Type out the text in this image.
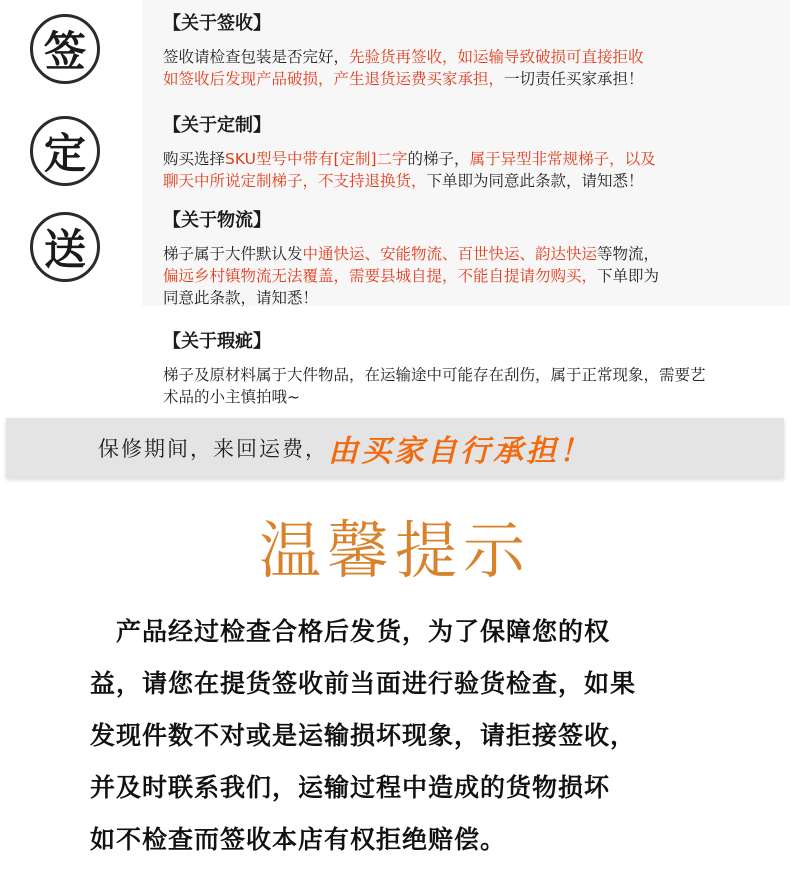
签
定
送
【关于签收】
签收请检查包装是否完好，先验货再签收，如运输导致破损可直接拒收
如签收后发现产品破损，产生退货运费买家承担，一切责任买家承担！
【关于定制】
购买选择SKU型号中带有[定制]二字的梯子，属于异型非常规梯子，以及
聊天中所说定制梯子，不支持退换货，下单即为同意此条款，请知悉！
【关于物流】
梯子属于大件默认发中通快运、安能物流、百世快运、韵达快运等物流，
偏远乡村镇物流无法覆盖，需要县城自提，不能自提请勿购买，下单即为
同意此条款，请知悉！
【关于瑕疵】
梯子及原材料属于大件物品，在运输途中可能存在刮伤，属于正常现象，需要艺
术品的小主慎拍哦~
保修期间，来回运费， 由买家自行承担！
温馨提示
　产品经过检查合格后发货，为了保障您的权
益，请您在提货签收前当面进行验货检查，如果
发现件数不对或是运输损坏现象，请拒接签收，
并及时联系我们，运输过程中造成的货物损坏
如不检查而签收本店有权拒绝赔偿。
